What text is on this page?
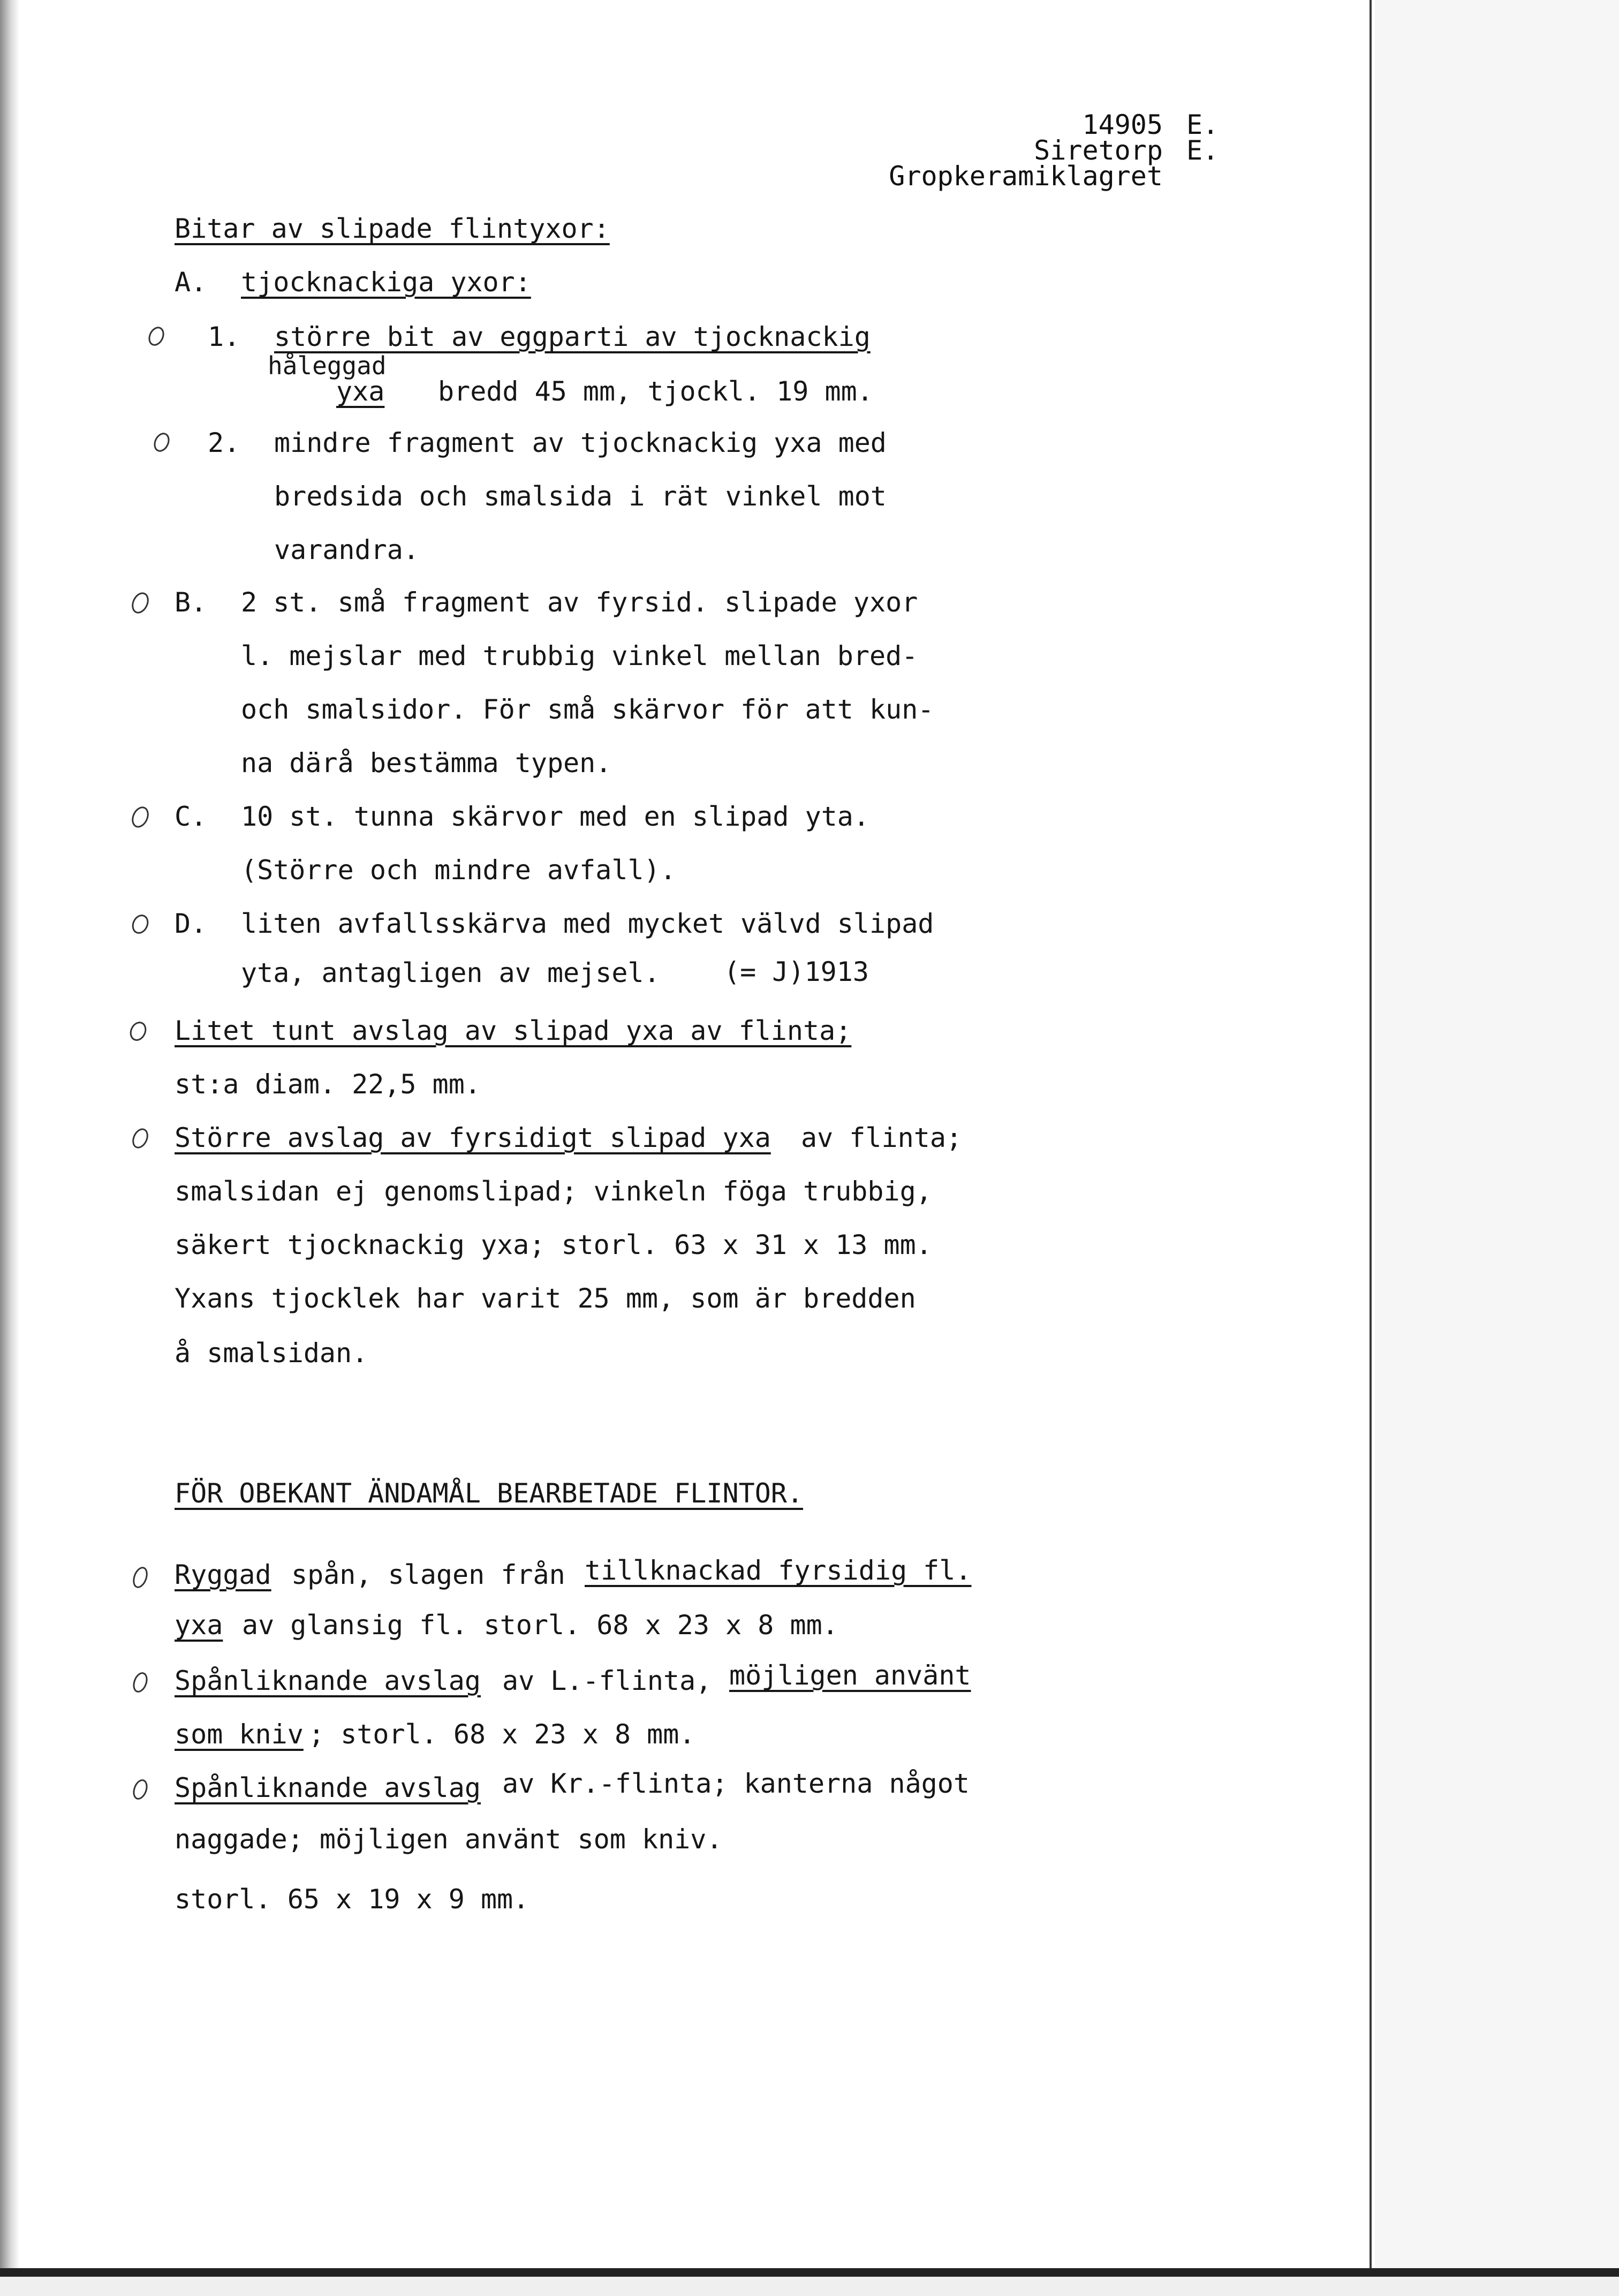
14905 E.
Siretorp E.
Gropkeramiklagret
Bitar av slipade flintyxor:
A. tjocknackiga yxor:
1. större bit av eggparti av tjocknackig
håleggad
yxa bredd 45 mm, tjockl. 19 mm.
2. mindre fragment av tjocknackig yxa med
bredsida och smalsida i rät vinkel mot
varandra.
B. 2 st. små fragment av fyrsid. slipade yxor
l. mejslar med trubbig vinkel mellan bred-
och smalsidor. För små skärvor för att kun-
na därå bestämma typen.
C. 10 st. tunna skärvor med en slipad yta.
(Större och mindre avfall).
D. liten avfallsskärva med mycket välvd slipad
yta, antagligen av mejsel. (= J)1913
Litet tunt avslag av slipad yxa av flinta;
st:a diam. 22,5 mm.
Större avslag av fyrsidigt slipad yxa av flinta;
smalsidan ej genomslipad; vinkeln föga trubbig,
säkert tjocknackig yxa; storl. 63 x 31 x 13 mm.
Yxans tjocklek har varit 25 mm, som är bredden
å smalsidan.
FÖR OBEKANT ÄNDAMÅL BEARBETADE FLINTOR.
Ryggad spån, slagen från tillknackad fyrsidig fl.
yxa av glansig fl. storl. 68 x 23 x 8 mm.
Spånliknande avslag av L.-flinta, möjligen använt
som kniv ; storl. 68 x 23 x 8 mm.
Spånliknande avslag av Kr.-flinta; kanterna något
naggade; möjligen använt som kniv.
storl. 65 x 19 x 9 mm.
